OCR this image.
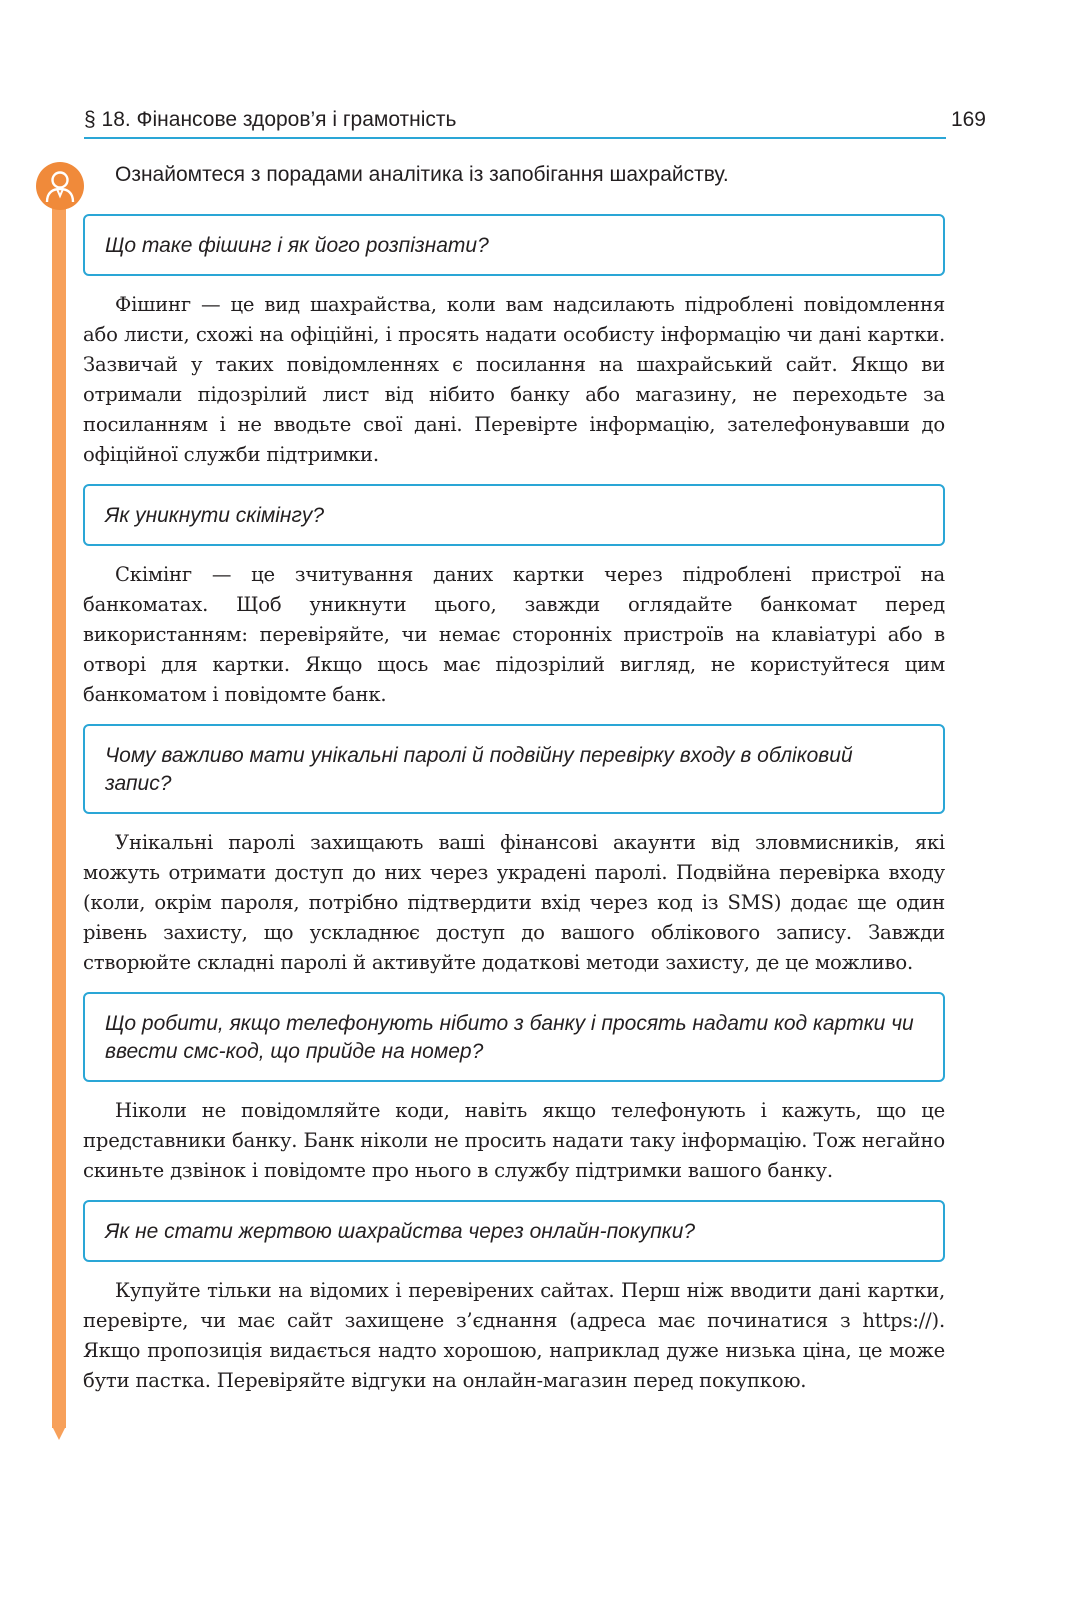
§ 18. Фінансове здоров’я і грамотність	169

Ознайомтеся з порадами аналітика із запобігання шахрайству.

Що таке фішинг і як його розпізнати?

Фішинг — це вид шахрайства, коли вам надсилають підроблені повідомлення або листи, схожі на офіційні, і просять надати особисту інформацію чи дані картки. Зазвичай у таких повідомленнях є посилання на шахрайський сайт. Якщо ви отримали підозрілий лист від нібито банку або магазину, не переходьте за посиланням і не вводьте свої дані. Перевірте інформацію, зателефонувавши до офіційної служби підтримки.

Як уникнути скімінгу?

Скімінг — це зчитування даних картки через підроблені пристрої на банкоматах. Щоб уникнути цього, завжди оглядайте банкомат перед використанням: перевіряйте, чи немає сторонніх пристроїв на клавіатурі або в отворі для картки. Якщо щось має підозрілий вигляд, не користуйтеся цим банкоматом і повідомте банк.

Чому важливо мати унікальні паролі й подвійну перевірку входу в обліковий запис?

Унікальні паролі захищають ваші фінансові акаунти від зловмисників, які можуть отримати доступ до них через украдені паролі. Подвійна перевірка входу (коли, окрім пароля, потрібно підтвердити вхід через код із SMS) додає ще один рівень захисту, що ускладнює доступ до вашого облікового запису. Завжди створюйте складні паролі й активуйте додаткові методи захисту, де це можливо.

Що робити, якщо телефонують нібито з банку і просять надати код картки чи ввести смс-код, що прийде на номер?

Ніколи не повідомляйте коди, навіть якщо телефонують і кажуть, що це представники банку. Банк ніколи не просить надати таку інформацію. Тож негайно скиньте дзвінок і повідомте про нього в службу підтримки вашого банку.

Як не стати жертвою шахрайства через онлайн-покупки?

Купуйте тільки на відомих і перевірених сайтах. Перш ніж вводити дані картки, перевірте, чи має сайт захищене з’єднання (адреса має починатися з https://). Якщо пропозиція видається надто хорошою, наприклад дуже низька ціна, це може бути пастка. Перевіряйте відгуки на онлайн-магазин перед покупкою.
